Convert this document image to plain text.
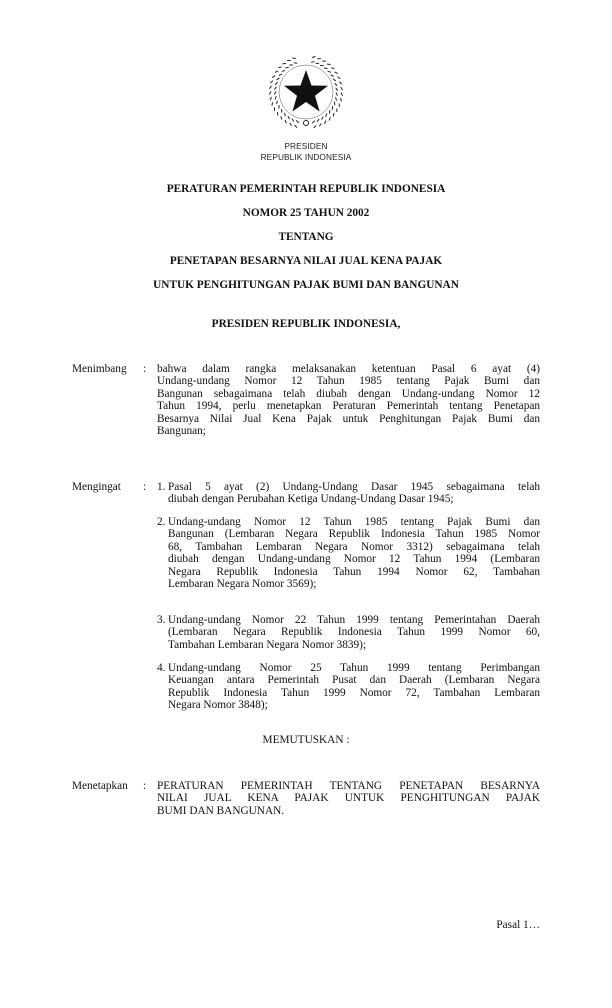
PRESIDEN
REPUBLIK INDONESIA
PERATURAN PEMERINTAH REPUBLIK INDONESIA
NOMOR 25 TAHUN 2002
TENTANG
PENETAPAN BESARNYA NILAI JUAL KENA PAJAK
UNTUK PENGHITUNGAN PAJAK BUMI DAN BANGUNAN
PRESIDEN REPUBLIK INDONESIA,
Menimbang : bahwa dalam rangka melaksanakan ketentuan Pasal 6 ayat (4)
Undang-undang Nomor 12 Tahun 1985 tentang Pajak Bumi dan
Bangunan sebagaimana telah diubah dengan Undang-undang Nomor 12
Tahun 1994, perlu menetapkan Peraturan Pemerintah tentang Penetapan
Besarnya Nilai Jual Kena Pajak untuk Penghitungan Pajak Bumi dan
Bangunan;
Mengingat : 1. Pasal 5 ayat (2) Undang-Undang Dasar 1945 sebagaimana telah
diubah dengan Perubahan Ketiga Undang-Undang Dasar 1945;
2. Undang-undang Nomor 12 Tahun 1985 tentang Pajak Bumi dan
Bangunan (Lembaran Negara Republik Indonesia Tahun 1985 Nomor
68, Tambahan Lembaran Negara Nomor 3312) sebagaimana telah
diubah dengan Undang-undang Nomor 12 Tahun 1994 (Lembaran
Negara Republik Indonesia Tahun 1994 Nomor 62, Tambahan
Lembaran Negara Nomor 3569);
3. Undang-undang Nomor 22 Tahun 1999 tentang Pemerintahan Daerah
(Lembaran Negara Republik Indonesia Tahun 1999 Nomor 60,
Tambahan Lembaran Negara Nomor 3839);
4. Undang-undang Nomor 25 Tahun 1999 tentang Perimbangan
Keuangan antara Pemerintah Pusat dan Daerah (Lembaran Negara
Republik Indonesia Tahun 1999 Nomor 72, Tambahan Lembaran
Negara Nomor 3848);
MEMUTUSKAN :
Menetapkan : PERATURAN PEMERINTAH TENTANG PENETAPAN BESARNYA
NILAI JUAL KENA PAJAK UNTUK PENGHITUNGAN PAJAK
BUMI DAN BANGUNAN.
Pasal 1…
